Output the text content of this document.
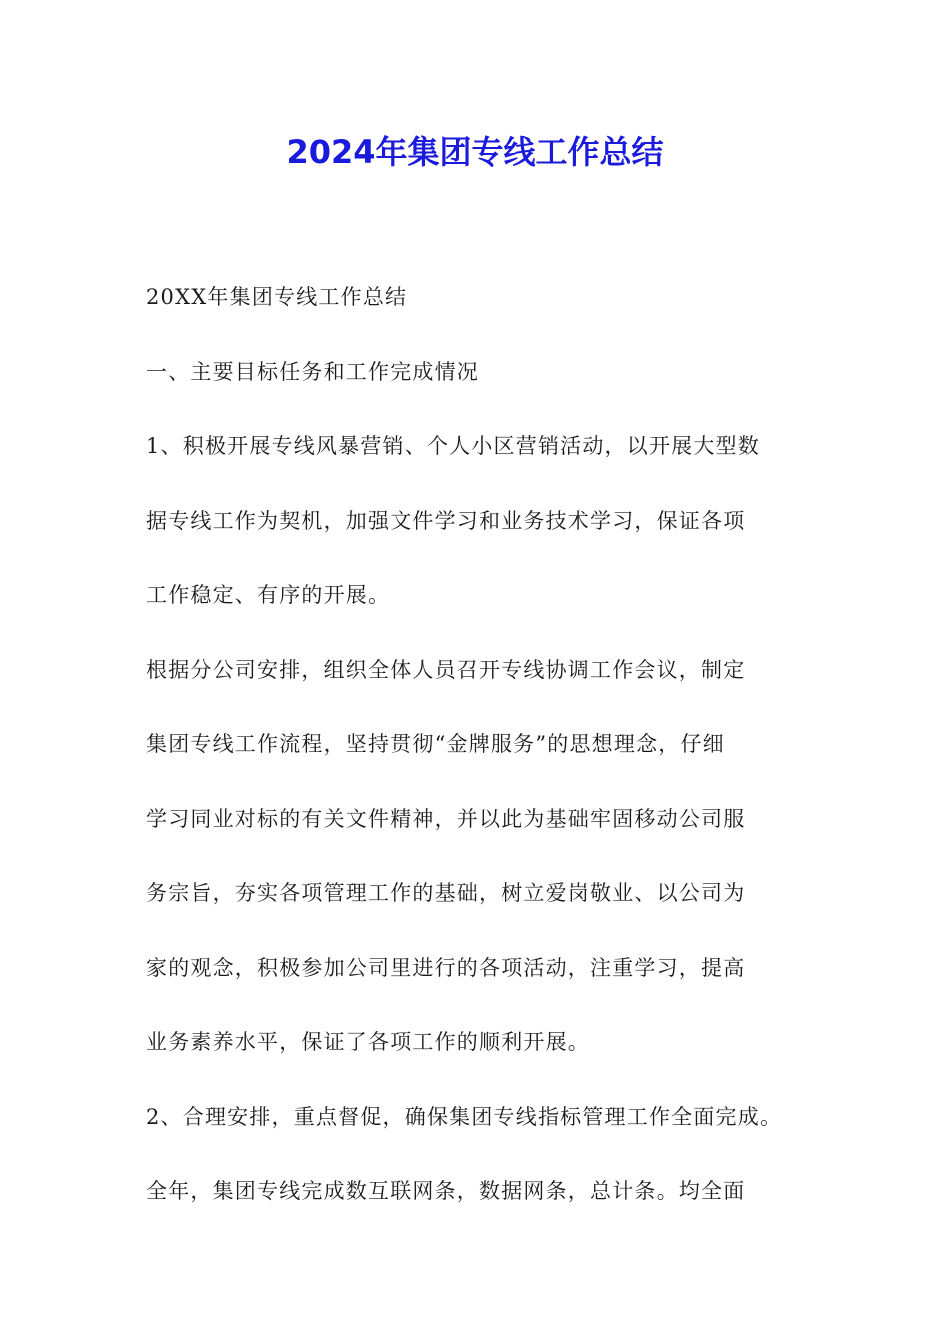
2024年集团专线工作总结

20XX年集团专线工作总结

一、主要目标任务和工作完成情况

1、积极开展专线风暴营销、个人小区营销活动，以开展大型数

据专线工作为契机，加强文件学习和业务技术学习，保证各项

工作稳定、有序的开展。

根据分公司安排，组织全体人员召开专线协调工作会议，制定

集团专线工作流程，坚持贯彻“金牌服务”的思想理念，仔细

学习同业对标的有关文件精神，并以此为基础牢固移动公司服

务宗旨，夯实各项管理工作的基础，树立爱岗敬业、以公司为

家的观念，积极参加公司里进行的各项活动，注重学习，提高

业务素养水平，保证了各项工作的顺利开展。

2、合理安排，重点督促，确保集团专线指标管理工作全面完成。

全年，集团专线完成数互联网条，数据网条，总计条。均全面
